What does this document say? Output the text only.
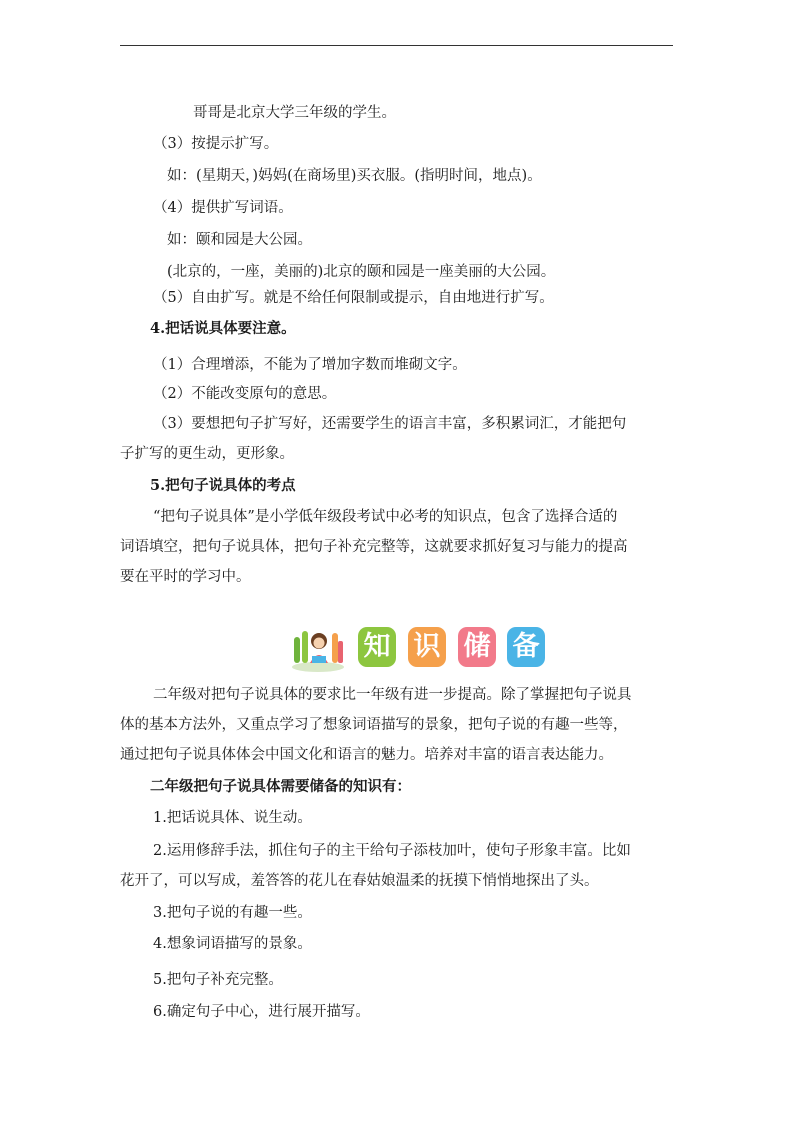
哥哥是北京大学三年级的学生。
（3）按提示扩写。
如：(星期天，)妈妈(在商场里)买衣服。(指明时间，地点)。
（4）提供扩写词语。
如：颐和园是大公园。
(北京的，一座，美丽的)北京的颐和园是一座美丽的大公园。
（5）自由扩写。就是不给任何限制或提示，自由地进行扩写。
4.把话说具体要注意。
（1）合理增添，不能为了增加字数而堆砌文字。
（2）不能改变原句的意思。
（3）要想把句子扩写好，还需要学生的语言丰富，多积累词汇，才能把句
子扩写的更生动，更形象。
5.把句子说具体的考点
“把句子说具体”是小学低年级段考试中必考的知识点，包含了选择合适的
词语填空，把句子说具体，把句子补充完整等，这就要求抓好复习与能力的提高
要在平时的学习中。
知 识 储 备
二年级对把句子说具体的要求比一年级有进一步提高。除了掌握把句子说具
体的基本方法外，又重点学习了想象词语描写的景象，把句子说的有趣一些等，
通过把句子说具体体会中国文化和语言的魅力。培养对丰富的语言表达能力。
二年级把句子说具体需要储备的知识有：
1.把话说具体、说生动。
2.运用修辞手法，抓住句子的主干给句子添枝加叶，使句子形象丰富。比如
花开了，可以写成，羞答答的花儿在春姑娘温柔的抚摸下悄悄地探出了头。
3.把句子说的有趣一些。
4.想象词语描写的景象。
5.把句子补充完整。
6.确定句子中心，进行展开描写。
